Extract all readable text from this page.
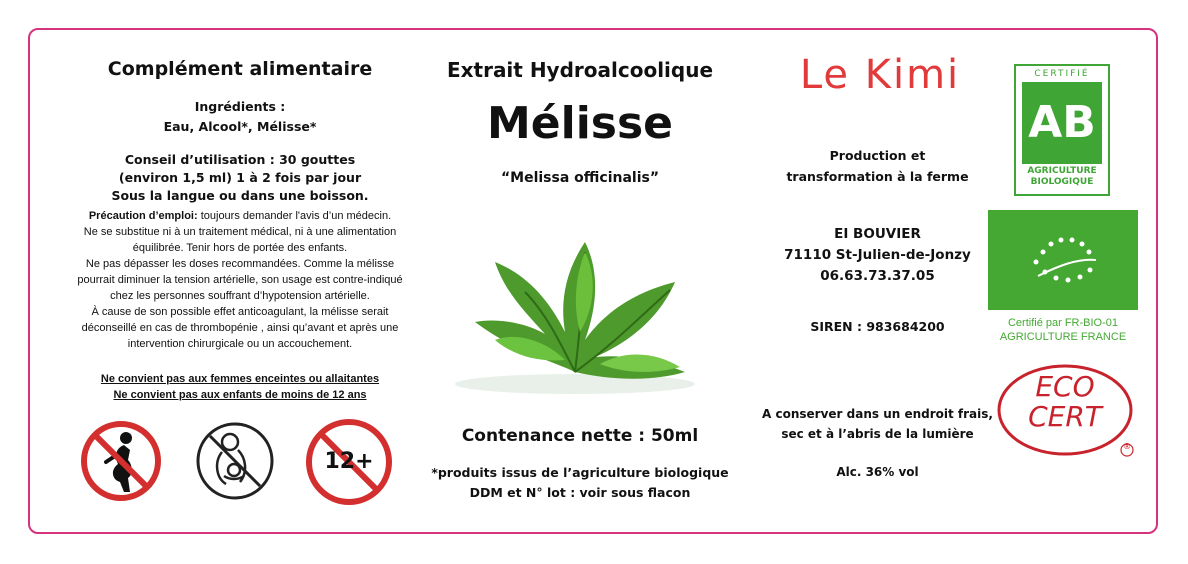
Complément alimentaire
Ingrédients :
Eau, Alcool*, Mélisse*
Conseil d’utilisation : 30 gouttes
(environ 1,5 ml) 1 à 2 fois par jour
Sous la langue ou dans une boisson.
Précaution d’emploi: toujours demander l'avis d’un médecin.
Ne se substitue ni à un traitement médical, ni à une alimentation
équilibrée. Tenir hors de portée des enfants.
Ne pas dépasser les doses recommandées. Comme la mélisse
pourrait diminuer la tension artérielle, son usage est contre-indiqué
chez les personnes souffrant d’hypotension artérielle.
À cause de son possible effet anticoagulant, la mélisse serait
déconseillé en cas de thrombopénie , ainsi qu’avant et après une
intervention chirurgicale ou un accouchement.
Ne convient pas aux femmes enceintes ou allaitantes
Ne convient pas aux enfants de moins de 12 ans
12+
Extrait Hydroalcoolique
Mélisse
“Melissa officinalis”
Contenance nette : 50ml
*produits issus de l’agriculture biologique
DDM et N° lot : voir sous flacon
Le Kimi
Production et
transformation à la ferme
EI BOUVIER
71110 St-Julien-de-Jonzy
06.63.73.37.05
SIREN : 983684200
A conserver dans un endroit frais,
sec et à l’abris de la lumière
Alc. 36% vol
CERTIFIÉ
AB
AGRICULTURE
BIOLOGIQUE
Certifié par FR-BIO-01
AGRICULTURE FRANCE
ECO
CERT
®
